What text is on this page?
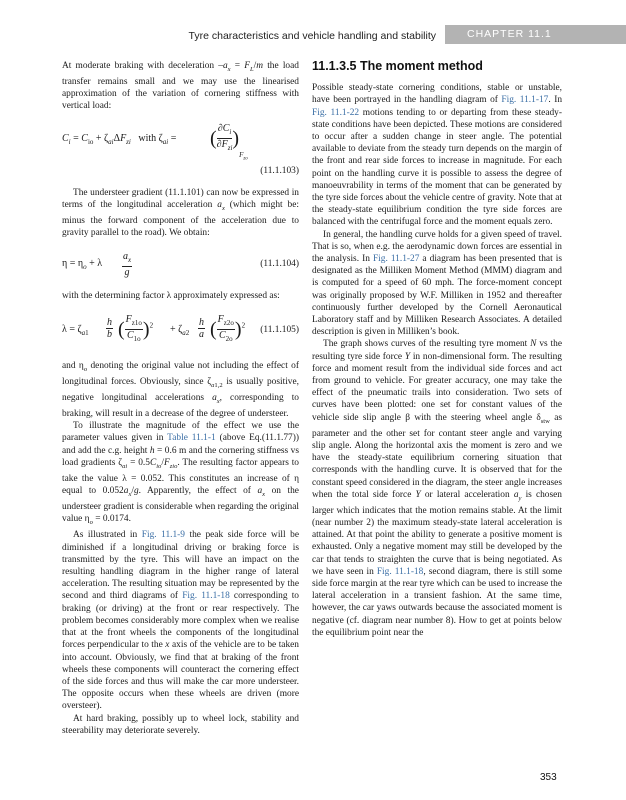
Tyre characteristics and vehicle handling and stability	CHAPTER 11.1

At moderate braking with deceleration $-a_x = F_L/m$ the load transfer remains small and we may use the linearised approximation of the variation of cornering stiffness with vertical load:

$C_i = C_{io} + \zeta_{ai}\Delta F_{zi}$   with $\zeta_{ai}$ = ( $\frac{\partial C_i}{\partial F_{zi}} )_{F_{zo}}$
(11.1.103)

The understeer gradient (11.1.101) can now be expressed in terms of the longitudinal acceleration $a_x$ (which might be: minus the forward component of the acceleration due to gravity parallel to the road). We obtain:

$\eta = \eta_o + \lambda \frac{a_x}{g}$	(11.1.104)

with the determining factor λ approximately expressed as:

$\lambda = \zeta_{a1} \frac{h}{b}$ ( $\frac{F_{z1o}}{C_{1o}} )^2 + \zeta_{a2} \frac{h}{a}$ ( $\frac{F_{z2o}}{C_{2o}} )^2$ (11.1.105)

and $\eta_o$ denoting the original value not including the effect of longitudinal forces. Obviously, since $\zeta_{a1,2}$ is usually positive, negative longitudinal accelerations $a_x$, corresponding to braking, will result in a decrease of the degree of understeer.

To illustrate the magnitude of the effect we use the parameter values given in Table 11.1-1 (above Eq.(11.1.77)) and add the c.g. height h = 0.6 m and the cornering stiffness vs load gradients $\zeta_{ai} = 0.5C_{io}/F_{zio}$. The resulting factor appears to take the value λ = 0.052. This constitutes an increase of η equal to $0.052a_x/g$. Apparently, the effect of $a_x$ on the understeer gradient is considerable when regarding the original value $\eta_o = 0.0174$.

As illustrated in Fig. 11.1-9 the peak side force will be diminished if a longitudinal driving or braking force is transmitted by the tyre. This will have an impact on the resulting handling diagram in the higher range of lateral acceleration. The resulting situation may be represented by the second and third diagrams of Fig. 11.1-18 corresponding to braking (or driving) at the front or rear respectively. The problem becomes considerably more complex when we realise that at the front wheels the components of the longitudinal forces perpendicular to the x axis of the vehicle are to be taken into account. Obviously, we find that at braking of the front wheels these components will counteract the cornering effect of the side forces and thus will make the car more understeer. The opposite occurs when these wheels are driven (more oversteer).

At hard braking, possibly up to wheel lock, stability and steerability may deteriorate severely.

11.1.3.5 The moment method

Possible steady-state cornering conditions, stable or unstable, have been portrayed in the handling diagram of Fig. 11.1-17. In Fig. 11.1-22 motions tending to or departing from these steady-state conditions have been depicted. These motions are considered to occur after a sudden change in steer angle. The potential available to deviate from the steady turn depends on the margin of the front and rear side forces to increase in magnitude. For each point on the handling curve it is possible to assess the degree of manoeuvrability in terms of the moment that can be generated by the tyre side forces about the vehicle centre of gravity. Note that at the steady-state equilibrium condition the tyre side forces are balanced with the centrifugal force and the moment equals zero.

In general, the handling curve holds for a given speed of travel. That is so, when e.g. the aerodynamic down forces are essential in the analysis. In Fig. 11.1-27 a diagram has been presented that is designated as the Milliken Moment Method (MMM) diagram and is computed for a speed of 60 mph. The force-moment concept was originally proposed by W.F. Milliken in 1952 and thereafter continuously further developed by the Cornell Aeronautical Laboratory staff and by Milliken Research Associates. A detailed description is given in Milliken’s book.

The graph shows curves of the resulting tyre moment N vs the resulting tyre side force Y in non-dimensional form. The resulting force and moment result from the individual side forces and act from ground to vehicle. For greater accuracy, one may take the effect of the pneumatic trails into consideration. Two sets of curves have been plotted: one set for constant values of the vehicle side slip angle β with the steering wheel angle $\delta_{stw}$ as parameter and the other set for contant steer angle and varying slip angle. Along the horizontal axis the moment is zero and we have the steady-state equilibrium cornering situation that corresponds with the handling curve. It is observed that for the constant speed considered in the diagram, the steer angle increases when the total side force Y or lateral acceleration $a_y$ is chosen larger which indicates that the motion remains stable. At the limit (near number 2) the maximum steady-state lateral acceleration is attained. At that point the ability to generate a positive moment is exhausted. Only a negative moment may still be developed by the car that tends to straighten the curve that is being negotiated. As we have seen in Fig. 11.1-18, second diagram, there is still some side force margin at the rear tyre which can be used to increase the lateral acceleration in a transient fashion. At the same time, however, the car yaws outwards because the associated moment is negative (cf. diagram near number 8). How to get at points below the equilibrium point near the

353
